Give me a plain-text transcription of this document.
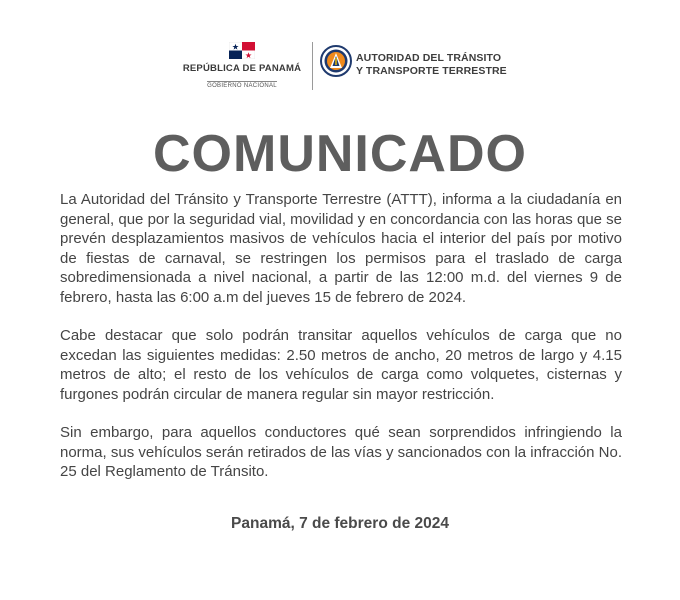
REPÚBLICA DE PANAMÁ
GOBIERNO NACIONAL
AUTORIDAD DEL TRÁNSITO
Y TRANSPORTE TERRESTRE
COMUNICADO

La Autoridad del Tránsito y Transporte Terrestre (ATTT), informa a la ciudadanía en general, que por la seguridad vial, movilidad y en concordancia con las horas que se prevén desplazamientos masivos de vehículos hacia el interior del país por motivo de fiestas de carnaval, se restringen los permisos para el traslado de carga sobredimensionada a nivel nacional, a partir de las 12:00 m.d. del viernes 9 de febrero, hasta las 6:00 a.m del jueves 15 de febrero de 2024.

Cabe destacar que solo podrán transitar aquellos vehículos de carga que no excedan las siguientes medidas: 2.50 metros de ancho, 20 metros de largo y 4.15 metros de alto; el resto de los vehículos de carga como volquetes, cisternas y furgones podrán circular de manera regular sin mayor restricción.

Sin embargo, para aquellos conductores qué sean sorprendidos infringiendo la norma, sus vehículos serán retirados de las vías y sancionados con la infracción No. 25 del Reglamento de Tránsito.

Panamá, 7 de febrero de 2024
